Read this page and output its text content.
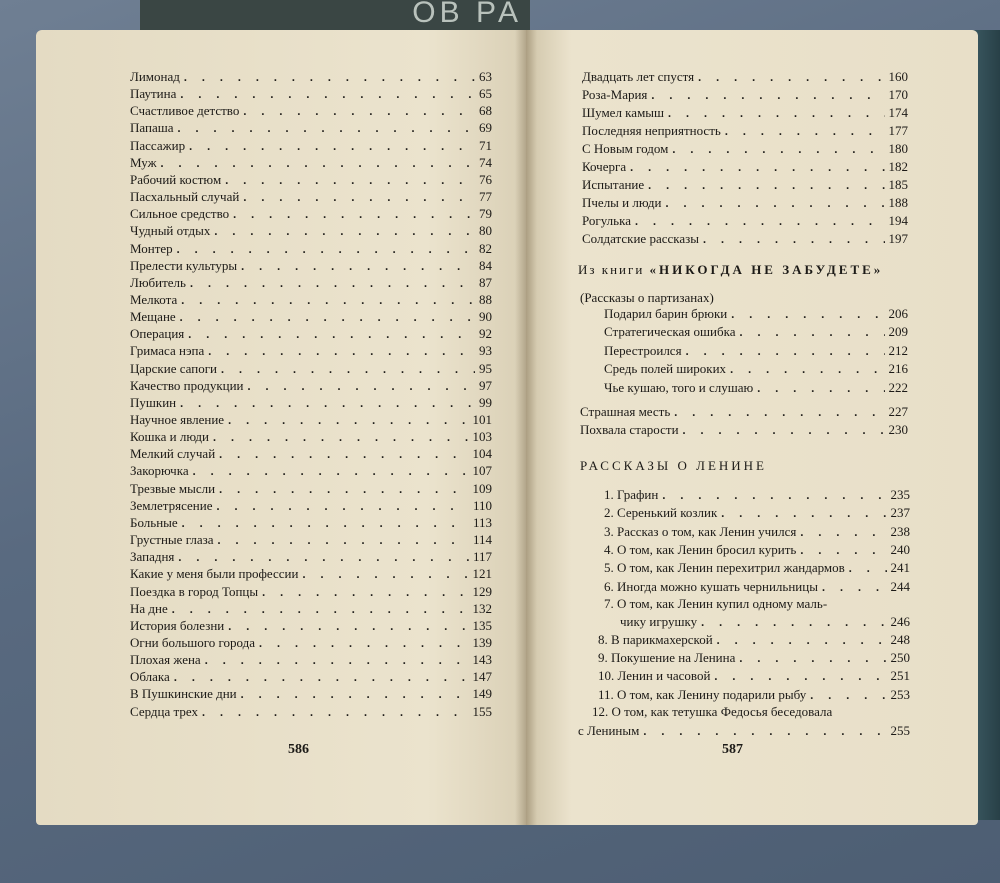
ОВ РА
Лимонад . . .	63
Паутина . . .	65
Счастливое детство . . .	68
Папаша . . .	69
Пассажир . . .	71
Муж . . .	74
Рабочий костюм . . .	76
Пасхальный случай . . .	77
Сильное средство . . .	79
Чудный отдых . . .	80
Монтер . . .	82
Прелести культуры . . .	84
Любитель . . .	87
Мелкота . . .	88
Мещане . . .	90
Операция . . .	92
Гримаса нэпа . . .	93
Царские сапоги . . .	95
Качество продукции . . .	97
Пушкин . . .	99
Научное явление . . .	101
Кошка и люди . . .	103
Мелкий случай . . .	104
Закорючка . . .	107
Трезвые мысли . . .	109
Землетрясение . . .	110
Больные . . .	113
Грустные глаза . . .	114
Западня . . .	117
Какие у меня были профессии . . .	121
Поездка в город Топцы . . .	129
На дне . . .	132
История болезни . . .	135
Огни большого города . . .	139
Плохая жена . . .	143
Облака . . .	147
В Пушкинские дни . . .	149
Сердца трех . . .	155
586
Двадцать лет спустя . . .	160
Роза-Мария . . .	170
Шумел камыш . . .	174
Последняя неприятность . . .	177
С Новым годом . . .	180
Кочерга . . .	182
Испытание . . .	185
Пчелы и люди . . .	188
Рогулька . . .	194
Солдатские рассказы . . .	197
Из книги «НИКОГДА НЕ ЗАБУДЕТЕ»
(Рассказы о партизанах)
Подарил барин брюки . . .	206
Стратегическая ошибка . . .	209
Перестроился . . .	212
Средь полей широких . . .	216
Чье кушаю, того и слушаю . . .	222
Страшная месть . . .	227
Похвала старости . . .	230
РАССКАЗЫ О ЛЕНИНЕ
1. Графин . . .	235
2. Серенький козлик . . .	237
3. Рассказ о том, как Ленин учился . . .	238
4. О том, как Ленин бросил курить . . .	240
5. О том, как Ленин перехитрил жандармов . . .	241
6. Иногда можно кушать чернильницы . . .	244
7. О том, как Ленин купил одному маль-
чику игрушку . . .	246
8. В парикмахерской . . .	248
9. Покушение на Ленина . . .	250
10. Ленин и часовой . . .	251
11. О том, как Ленину подарили рыбу . . .	253
12. О том, как тетушка Федосья беседовала
с Лениным . . .	255
587
